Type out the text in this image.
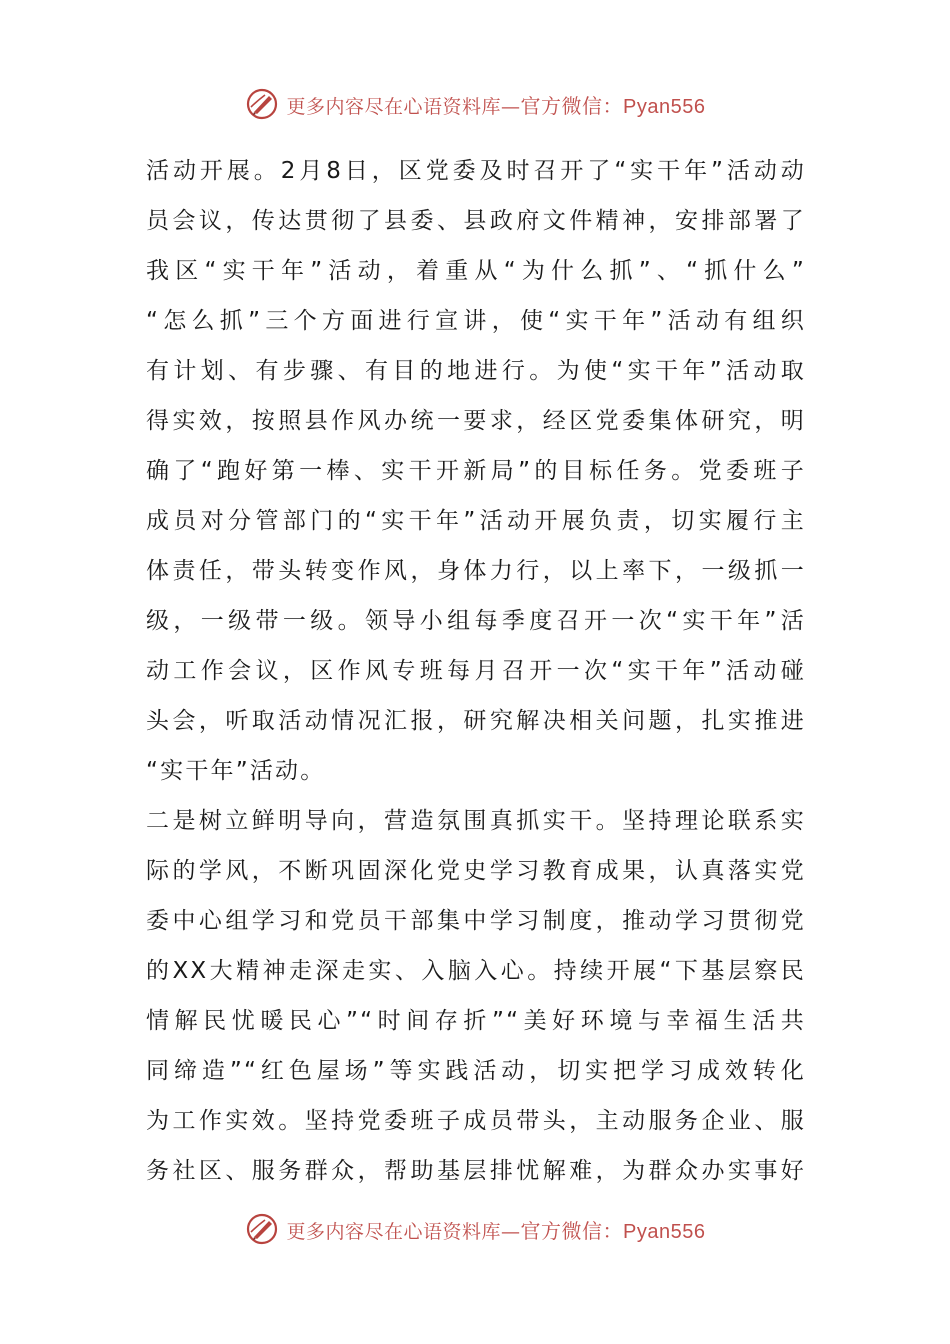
更多内容尽在心语资料库—官方微信：Pyan556
活动开展。2月8日，区党委及时召开了“实干年”活动动
员会议，传达贯彻了县委、县政府文件精神，安排部署了
我区“实干年”活动，着重从“为什么抓”、“抓什么”
“怎么抓”三个方面进行宣讲，使“实干年”活动有组织
有计划、有步骤、有目的地进行。为使“实干年”活动取
得实效，按照县作风办统一要求，经区党委集体研究，明
确了“跑好第一棒、实干开新局”的目标任务。党委班子
成员对分管部门的“实干年”活动开展负责，切实履行主
体责任，带头转变作风，身体力行，以上率下，一级抓一
级，一级带一级。领导小组每季度召开一次“实干年”活
动工作会议，区作风专班每月召开一次“实干年”活动碰
头会，听取活动情况汇报，研究解决相关问题，扎实推进
“实干年”活动。
二是树立鲜明导向，营造氛围真抓实干。坚持理论联系实
际的学风，不断巩固深化党史学习教育成果，认真落实党
委中心组学习和党员干部集中学习制度，推动学习贯彻党
的XX大精神走深走实、入脑入心。持续开展“下基层察民
情解民忧暖民心”“时间存折”“美好环境与幸福生活共
同缔造”“红色屋场”等实践活动，切实把学习成效转化
为工作实效。坚持党委班子成员带头，主动服务企业、服
务社区、服务群众，帮助基层排忧解难，为群众办实事好
更多内容尽在心语资料库—官方微信：Pyan556
